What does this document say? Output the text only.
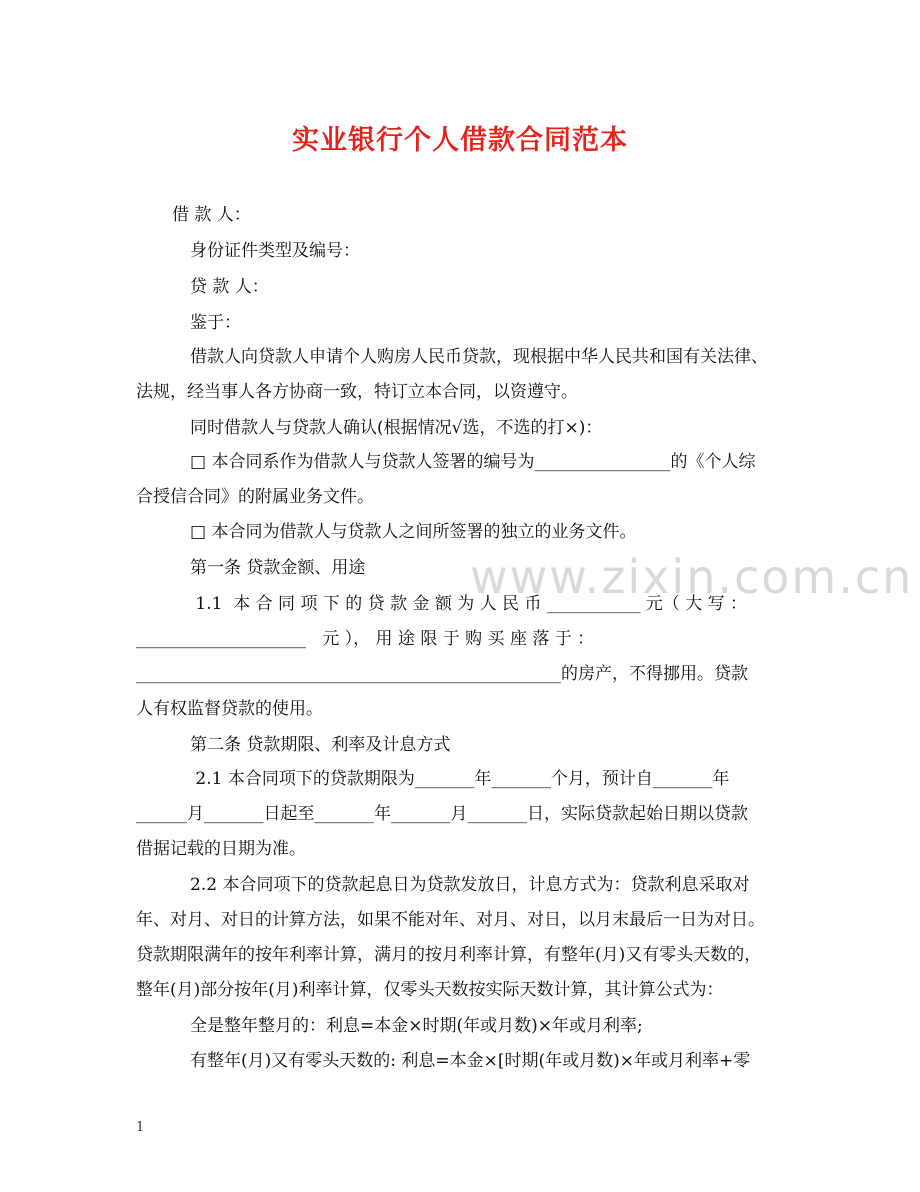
实业银行个人借款合同范本
www.zixin.com.cn
借 款 人：
身份证件类型及编号：
贷 款 人：
鉴于：
借款人向贷款人申请个人购房人民币贷款，现根据中华人民共和国有关法律、
法规，经当事人各方协商一致，特订立本合同，以资遵守。
同时借款人与贷款人确认(根据情况√选，不选的打×)：
□ 本合同系作为借款人与贷款人签署的编号为________________的《个人综
合授信合同》的附属业务文件。
□ 本合同为借款人与贷款人之间所签署的独立的业务文件。
第一条 贷款金额、用途
1.1  本 合 同 项 下 的 贷 款 金 额 为 人 民 币 ___________ 元（ 大 写 ：
____________________   元 ）， 用 途 限 于 购 买 座 落 于 ：
__________________________________________________的房产，不得挪用。贷款
人有权监督贷款的使用。
第二条 贷款期限、利率及计息方式
2.1 本合同项下的贷款期限为_______年_______个月，预计自_______年
______月_______日起至_______年_______月_______日，实际贷款起始日期以贷款
借据记载的日期为准。
2.2 本合同项下的贷款起息日为贷款发放日，计息方式为：贷款利息采取对
年、对月、对日的计算方法，如果不能对年、对月、对日，以月末最后一日为对日。
贷款期限满年的按年利率计算，满月的按月利率计算，有整年(月)又有零头天数的，
整年(月)部分按年(月)利率计算，仅零头天数按实际天数计算，其计算公式为：
全是整年整月的：利息=本金×时期(年或月数)×年或月利率;
有整年(月)又有零头天数的: 利息=本金×[时期(年或月数)×年或月利率+零
1
